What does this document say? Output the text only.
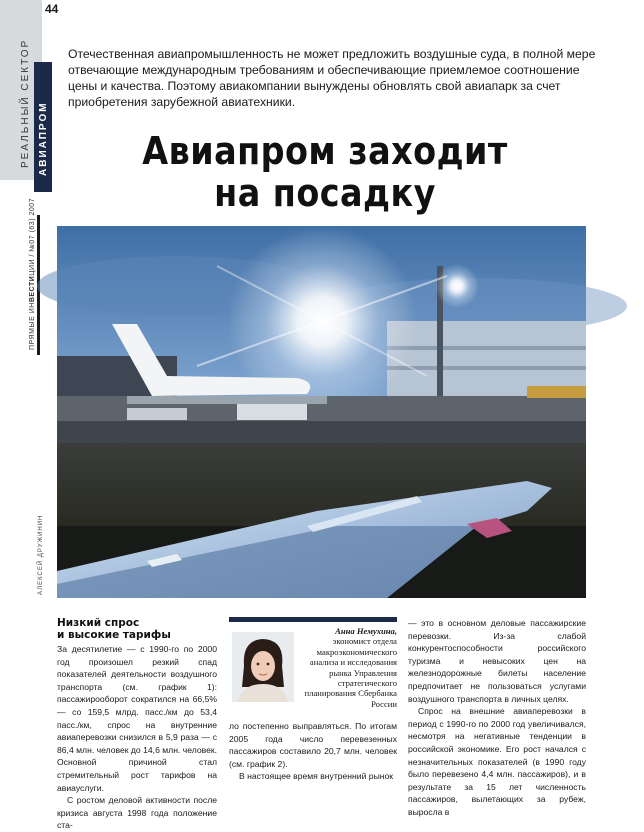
44
РЕАЛЬНЫЙ СЕКТОР АВИАПРОМ
ПРЯМЫЕ ИНВЕСТИЦИИ / №07 (63) 2007
АЛЕКСЕЙ ДРУЖИНИН
Отечественная авиапромышленность не может предложить воздушные суда, в полной мере отвечающие международным требованиям и обеспечивающие приемлемое соотношение цены и качества. Поэтому авиакомпании вынуждены обновлять свой авиапарк за счет приобретения зарубежной авиатехники.
Авиапром заходит
на посадку
Низкий спрос
и высокие тарифы

За десятилетие — с 1990-го по 2000 год произошел резкий спад показателей деятельности воздушного транспорта (см. график 1): пассажирооборот сократился на 66,5% — со 159,5 млрд. пасс./км до 53,4 пасс./км, спрос на внутренние авиаперевозки снизился в 5,9 раза — с 86,4 млн. человек до 14,6 млн. человек. Основной причиной стал стремительный рост тарифов на авиауслуги.

С ростом деловой активности после кризиса августа 1998 года положение ста-

Анна Немухина,
экономист отдела макроэкономического анализа и исследования рынка Управления стратегического планирования Сбербанка России

ло постепенно выправляться. По итогам 2005 года число перевезенных пассажиров составило 20,7 млн. человек (см. график 2).

В настоящее время внутренний рынок

— это в основном деловые пассажирские перевозки. Из-за слабой конкурентоспособности российского туризма и невысоких цен на железнодорожные билеты население предпочитает не пользоваться услугами воздушного транспорта в личных целях.

Спрос на внешние авиаперевозки в период с 1990-го по 2000 год увеличивался, несмотря на негативные тенденции в российской экономике. Его рост начался с незначительных показателей (в 1990 году было перевезено 4,4 млн. пассажиров), и в результате за 15 лет численность пассажиров, вылетающих за рубеж, выросла в
